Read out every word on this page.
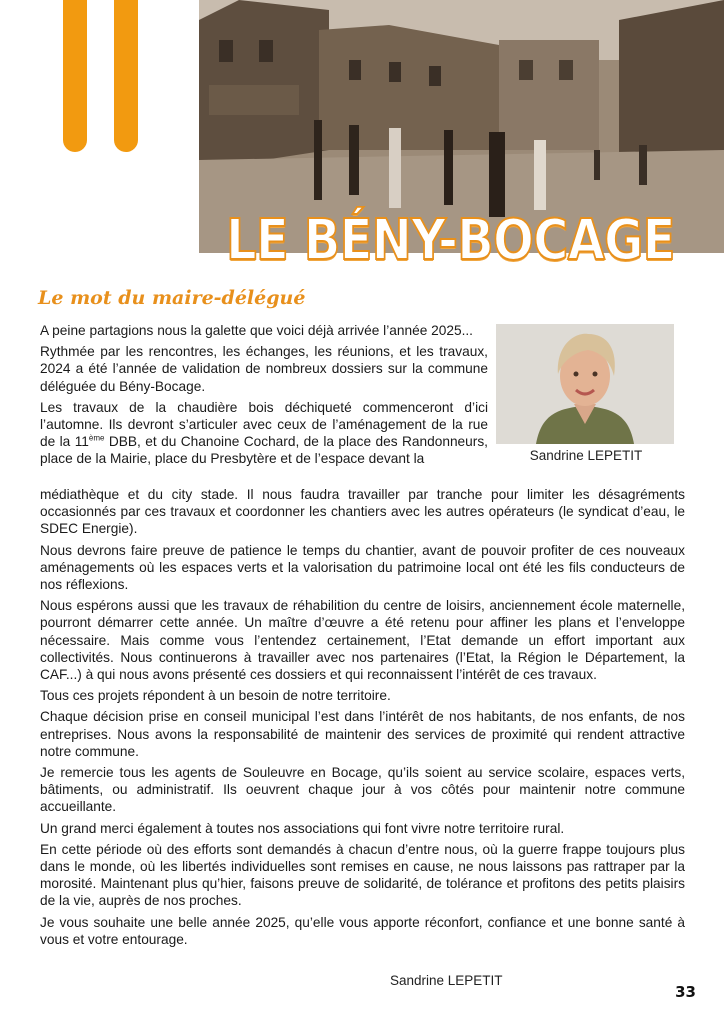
LE BÉNY-BOCAGE
Le mot du maire-délégué
Sandrine LEPETIT

A peine partagions nous la galette que voici déjà arrivée l’année 2025...

Rythmée par les rencontres, les échanges, les réunions, et les travaux, 2024 a été l’année de validation de nombreux dossiers sur la commune déléguée du Bény-Bocage.

Les travaux de la chaudière bois déchiqueté commenceront d’ici l’automne. Ils devront s’articuler avec ceux de l’aménagement de la rue de la 11ème DBB, et du Chanoine Cochard, de la place des Randonneurs, place de la Mairie, place du Presbytère et de l’espace devant la

médiathèque et du city stade. Il nous faudra travailler par tranche pour limiter les désagréments occasionnés par ces travaux et coordonner les chantiers avec les autres opérateurs (le syndicat d’eau, le SDEC Energie).

Nous devrons faire preuve de patience le temps du chantier, avant de pouvoir profiter de ces nouveaux aménagements où les espaces verts et la valorisation du patrimoine local ont été les fils conducteurs de nos réflexions.

Nous espérons aussi que les travaux de réhabilition du centre de loisirs, anciennement école maternelle, pourront démarrer cette année. Un maître d’œuvre a été retenu pour affiner les plans et l’enveloppe nécessaire. Mais comme vous l’entendez certainement, l’Etat demande un effort important aux collectivités. Nous continuerons à travailler avec nos partenaires (l’Etat, la Région le Département, la CAF...) à qui nous avons présenté ces dossiers et qui reconnaissent l’intérêt de ces travaux.

Tous ces projets répondent à un besoin de notre territoire.

Chaque décision prise en conseil municipal l’est dans l’intérêt de nos habitants, de nos enfants, de nos entreprises. Nous avons la responsabilité de maintenir des services de proximité qui rendent attractive notre commune.

Je remercie tous les agents de Souleuvre en Bocage, qu’ils soient au service scolaire, espaces verts, bâtiments, ou administratif. Ils oeuvrent chaque jour à vos côtés pour maintenir notre commune accueillante.

Un grand merci également à toutes nos associations qui font vivre notre territoire rural.

En cette période où des efforts sont demandés à chacun d’entre nous, où la guerre frappe toujours plus dans le monde, où les libertés individuelles sont remises en cause, ne nous laissons pas rattraper par la morosité. Maintenant plus qu’hier, faisons preuve de solidarité, de tolérance et profitons des petits plaisirs de la vie, auprès de nos proches.

Je vous souhaite une belle année 2025, qu’elle vous apporte réconfort, confiance et une bonne santé à vous et votre entourage.

Sandrine LEPETIT
33
